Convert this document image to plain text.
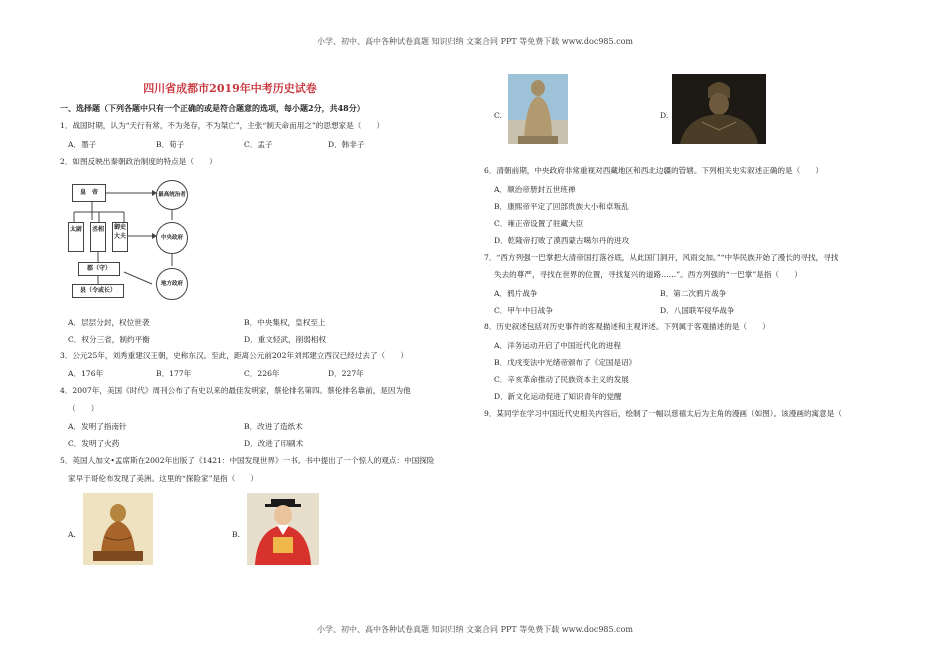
小学、初中、高中各种试卷真题 知识归纳 文案合同 PPT 等免费下载 www.doc985.com
四川省成都市2019年中考历史试卷
一、选择题（下列各题中只有一个正确的或是符合题意的选项，每小题2分，共48分）
1．战国时期，认为“天行有常，不为尧存，不为桀亡”，主张“制天命而用之”的思想家是（　　）
A．墨子	B．荀子	C．孟子	D．韩非子
2．如图反映出秦朝政治制度的特点是（　　）
皇　帝
太尉	丞相	御史大夫
郡（守）
县（令或长）
最高统治者
中央政府
地方政府
A．层层分封，权位世袭	B．中央集权，皇权至上
C．权分三省，制约平衡	D．重文轻武，削弱相权
3．公元25年，刘秀重建汉王朝，史称东汉。至此，距离公元前202年刘邦建立西汉已经过去了（　　）
A．176年	B．177年	C．226年	D．227年
4．2007年，美国《时代》周刊公布了有史以来的最佳发明家，蔡伦排名第四。蔡伦排名靠前，是因为他
（　　）
A．发明了指南针	B．改进了造纸术
C．发明了火药	D．改进了印刷术
5．英国人加文•孟席斯在2002年出版了《1421：中国发现世界》一书。书中提出了一个惊人的观点：中国探险
家早于哥伦布发现了美洲。这里的“探险家”是指（　　）
A.	B.
C.	D.
6．清朝前期，中央政府非常重视对西藏地区和西北边疆的管辖。下列相关史实叙述正确的是（　　）
A．顺治帝册封五世班禅
B．康熙帝平定了回部贵族大小和卓叛乱
C．雍正帝设置了驻藏大臣
D．乾隆帝打败了漠西蒙古噶尔丹的进攻
7．“西方列强一巴掌把大清帝国打落谷底，从此国门洞开，风雨交加。”“中华民族开始了漫长的寻找，寻找
失去的尊严，寻找在世界的位置，寻找复兴的道路……”。西方列强的“一巴掌”是指（　　）
A．鸦片战争	B．第二次鸦片战争
C．甲午中日战争	D．八国联军侵华战争
8．历史叙述包括对历史事件的客观描述和主观评述。下列属于客观描述的是（　　）
A．洋务运动开启了中国近代化的进程
B．戊戌变法中光绪帝颁布了《定国是诏》
C．辛亥革命推动了民族资本主义的发展
D．新文化运动促进了知识青年的觉醒
9．某同学在学习中国近代史相关内容后，绘制了一幅以慈禧太后为主角的漫画（如图）。该漫画的寓意是（
小学、初中、高中各种试卷真题 知识归纳 文案合同 PPT 等免费下载 www.doc985.com
